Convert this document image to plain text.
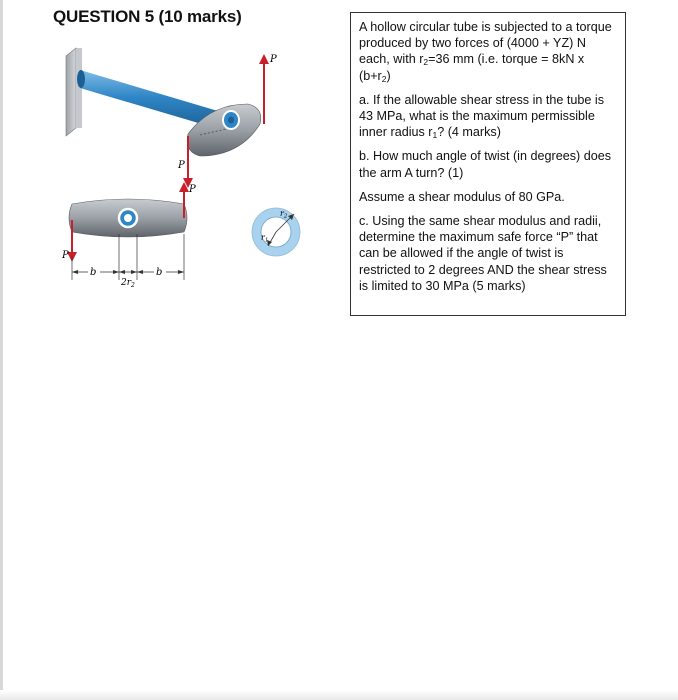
QUESTION 5 (10 marks)
P
P
P
P
b	b
$2r_2$
r2
r1

A hollow circular tube is subjected to a torque produced by two forces of (4000 + YZ) N each, with $r_2=36$ mm (i.e. torque = 8kN x $(b+r_2)$

a. If the allowable shear stress in the tube is 43 MPa, what is the maximum permissible inner radius $r_1$? (4 marks)

b. How much angle of twist (in degrees) does the arm A turn? (1)

Assume a shear modulus of 80 GPa.

c. Using the same shear modulus and radii, determine the maximum safe force “P” that can be allowed if the angle of twist is restricted to 2 degrees AND the shear stress is limited to 30 MPa (5 marks)
